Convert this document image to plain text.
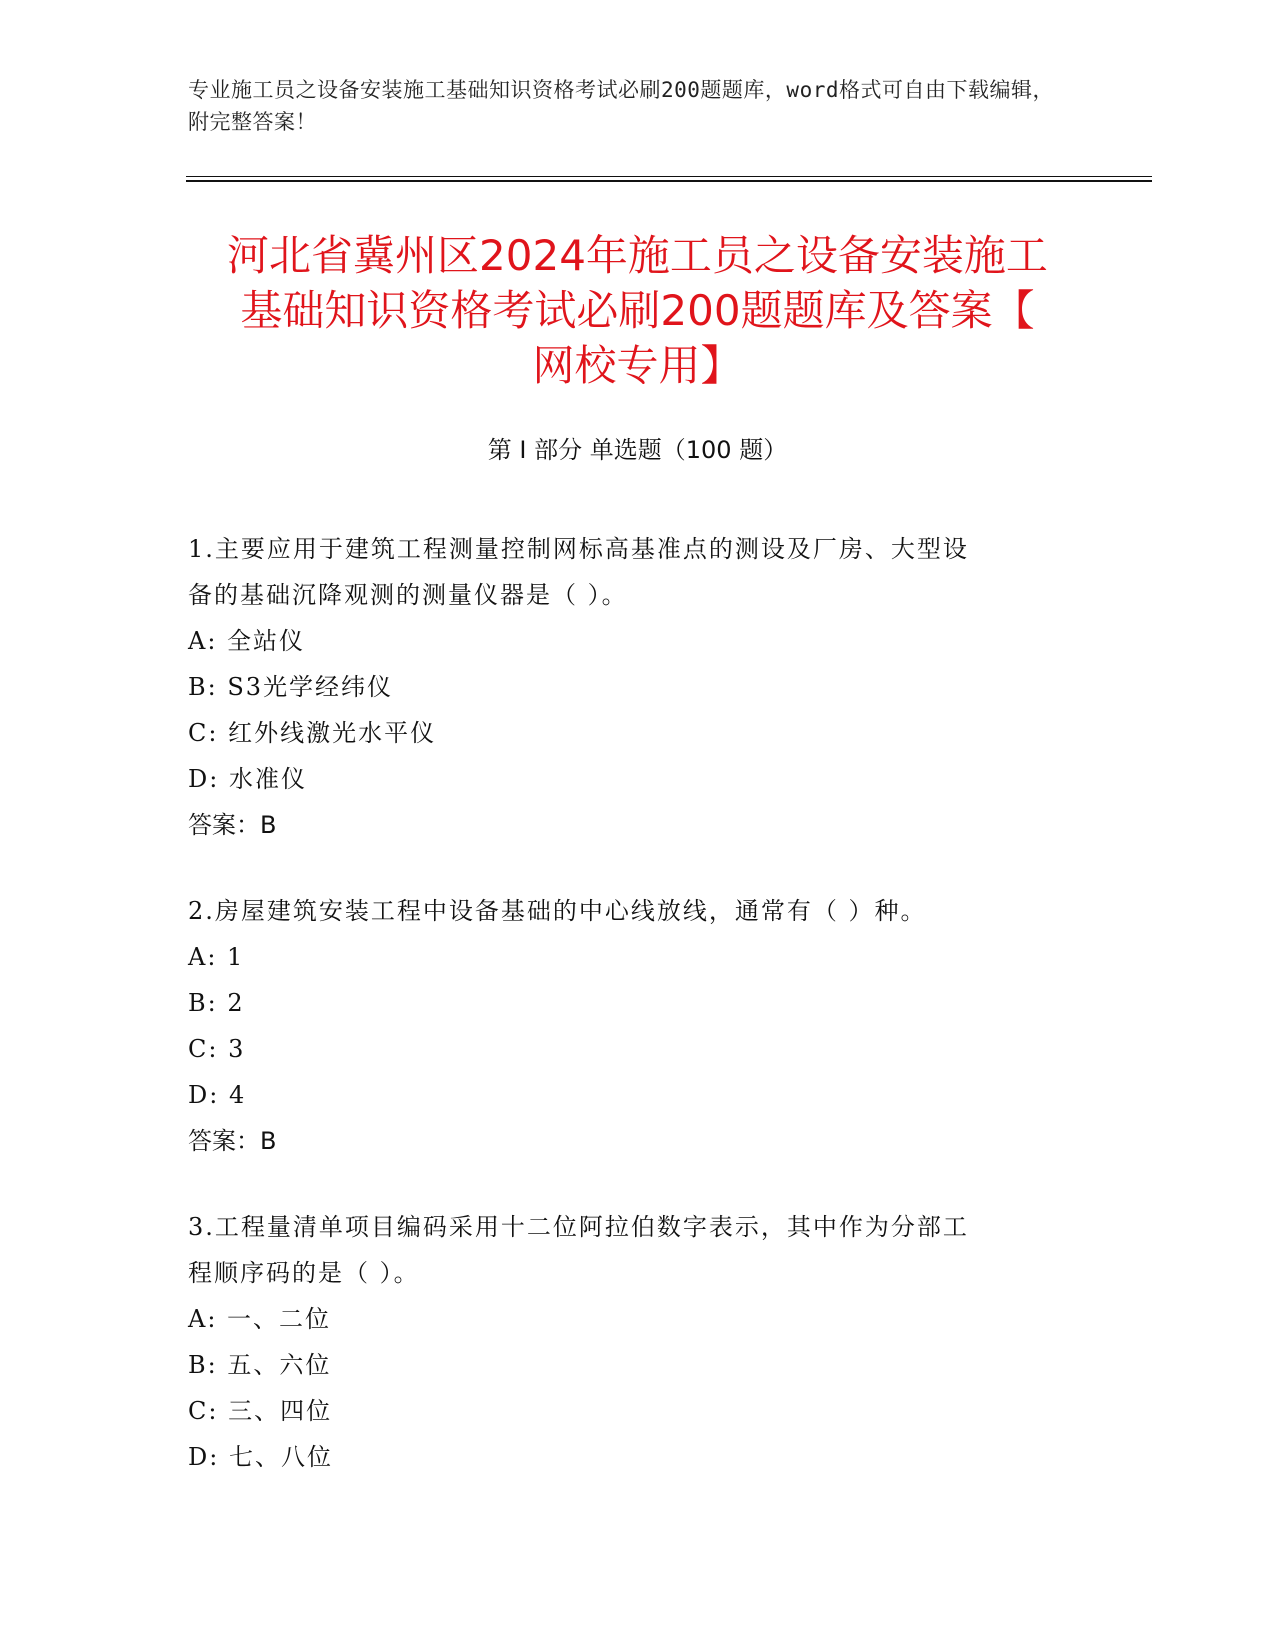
专业施工员之设备安装施工基础知识资格考试必刷200题题库，word格式可自由下载编辑，附完整答案！
河北省冀州区2024年施工员之设备安装施工
基础知识资格考试必刷200题题库及答案【
网校专用】
第 I 部分 单选题（100 题）
1.主要应用于建筑工程测量控制网标高基准点的测设及厂房、大型设
备的基础沉降观测的测量仪器是（ ）。
A: 全站仪
B: S3光学经纬仪
C: 红外线激光水平仪
D: 水准仪
答案：B
2.房屋建筑安装工程中设备基础的中心线放线，通常有（ ）种。
A: 1
B: 2
C: 3
D: 4
答案：B
3.工程量清单项目编码采用十二位阿拉伯数字表示，其中作为分部工
程顺序码的是（ ）。
A: 一、二位
B: 五、六位
C: 三、四位
D: 七、八位
